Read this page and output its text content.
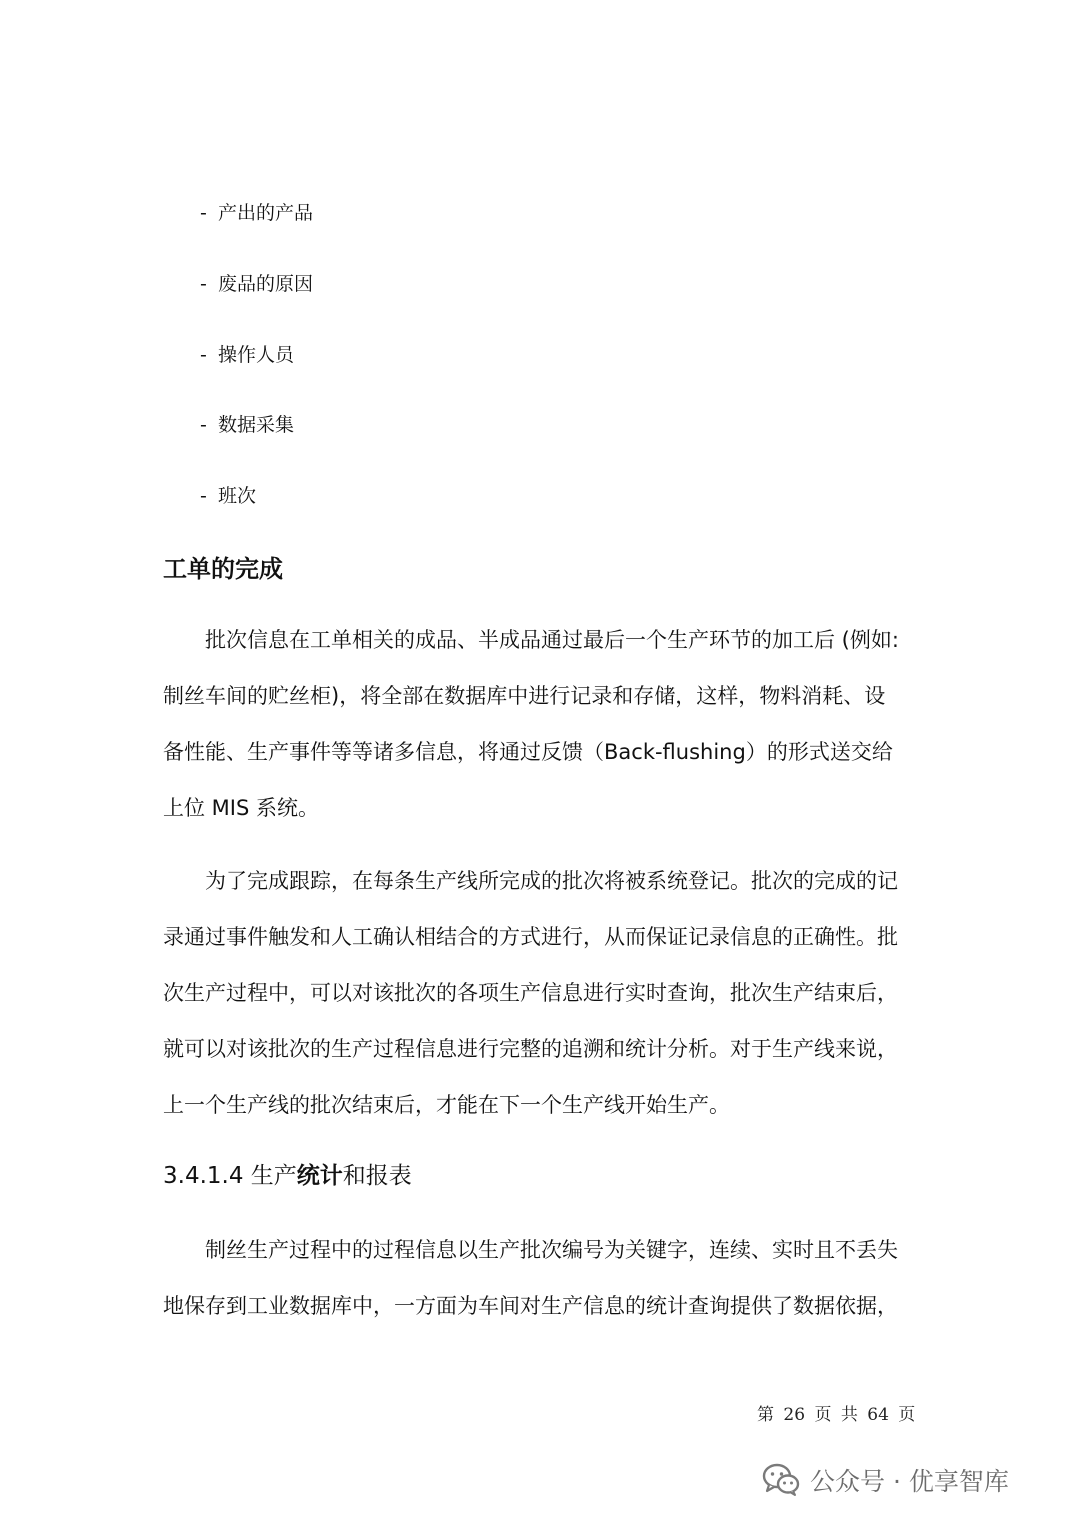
- 产出的产品
- 废品的原因
- 操作人员
- 数据采集
- 班次
工单的完成
批次信息在工单相关的成品、半成品通过最后一个生产环节的加工后 (例如:
制丝车间的贮丝柜)，将全部在数据库中进行记录和存储，这样，物料消耗、设
备性能、生产事件等等诸多信息，将通过反馈（Back-flushing）的形式送交给
上位 MIS 系统。
为了完成跟踪，在每条生产线所完成的批次将被系统登记。批次的完成的记
录通过事件触发和人工确认相结合的方式进行，从而保证记录信息的正确性。批
次生产过程中，可以对该批次的各项生产信息进行实时查询，批次生产结束后，
就可以对该批次的生产过程信息进行完整的追溯和统计分析。对于生产线来说，
上一个生产线的批次结束后，才能在下一个生产线开始生产。
3.4.1.4 生产统计和报表
制丝生产过程中的过程信息以生产批次编号为关键字，连续、实时且不丢失
地保存到工业数据库中，一方面为车间对生产信息的统计查询提供了数据依据，
第 26 页 共 64 页
公众号 · 优享智库
